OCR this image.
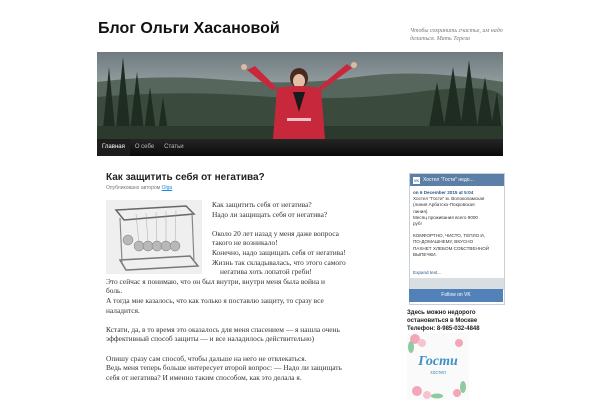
Блог Ольги Хасановой	Чтобы сохранить счастье, им надо делиться. Мать Тереза
Главная	О себе	Статьи
Как защитить себя от негатива?
Опубликовано автором Olga

Как защитить себя от негатива?
Надо ли защищать себя от негатива?

Около 20 лет назад у меня даже вопроса
такого не возникало!
Конечно, надо защищать себя от негатива!
Жизнь так складывалась, что этого самого
негатива хоть лопатой греби!

Это сейчас я понимаю, что он был внутри, внутри меня была война и
боль.
А тогда мне казалось, что как только я поставлю защиту, то сразу все
наладится.

Кстати, да, в то время это оказалось для меня спасением — я нашла очень
эффективный способ защиты — и все наладилось действительно)

Опишу сразу сам способ, чтобы дальше на него не отвлекаться.
Ведь меня теперь больше интересует второй вопрос: — Надо ли защищать
себя от негатива? И именно таким способом, как это делала я.

VK Хостел "Гости" недо...
on 6 December 2015 at 5:04
Хостел "Гости" м. Волоколамская
(линия Арбатско-Покровская
линия)
Месяц проживания всего 9000
руб!
КОМФОРТНО, ЧИСТО, ТЕПЛО И,
ПО-ДОМАШНЕМУ, ВКУСНО
ПАХНЕТ ХЛЕБОМ СОБСТВЕННОЙ
ВЫПЕЧКИ.
Expand text...
Follow on VK
Здесь можно недорого
остановиться в Москве
Телефон: 8-985-032-4848
Гости
хостел
